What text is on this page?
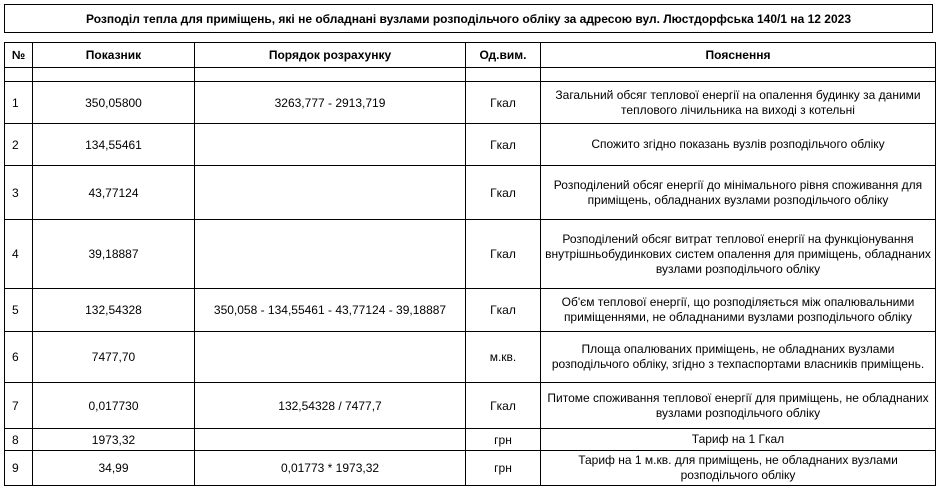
Розподіл тепла для приміщень, які не обладнані вузлами розподільчого обліку за адресою вул. Люстдорфська 140/1 на 12 2023
№	Показник	Порядок розрахунку	Од.вим.	Пояснення

1	350,05800	3263,777 - 2913,719	Гкал	Загальний обсяг теплової енергії на опалення будинку за даними теплового лічильника на виході з котельні
2	134,55461		Гкал	Спожито згідно показань вузлів розподільчого обліку
3	43,77124		Гкал	Розподілений обсяг енергії до мінімального рівня споживання для приміщень, обладнаних вузлами розподільчого обліку
4	39,18887		Гкал	Розподілений обсяг витрат теплової енергії на функціонування внутрішньобудинкових систем опалення для приміщень, обладнаних вузлами розподільчого обліку
5	132,54328	350,058 - 134,55461 - 43,77124 - 39,18887	Гкал	Об'єм теплової енергії, що розподіляється між опалювальними приміщеннями, не обладнаними вузлами розподільчого обліку
6	7477,70		м.кв.	Площа опалюваних приміщень, не обладнаних вузлами розподільчого обліку, згідно з техпаспортами власників приміщень.
7	0,017730	132,54328 / 7477,7	Гкал	Питоме споживання теплової енергії для приміщень, не обладнаних вузлами розподільчого обліку
8	1973,32		грн	Тариф на 1 Гкал
9	34,99	0,01773 * 1973,32	грн	Тариф на 1 м.кв. для приміщень, не обладнаних вузлами розподільчого обліку
